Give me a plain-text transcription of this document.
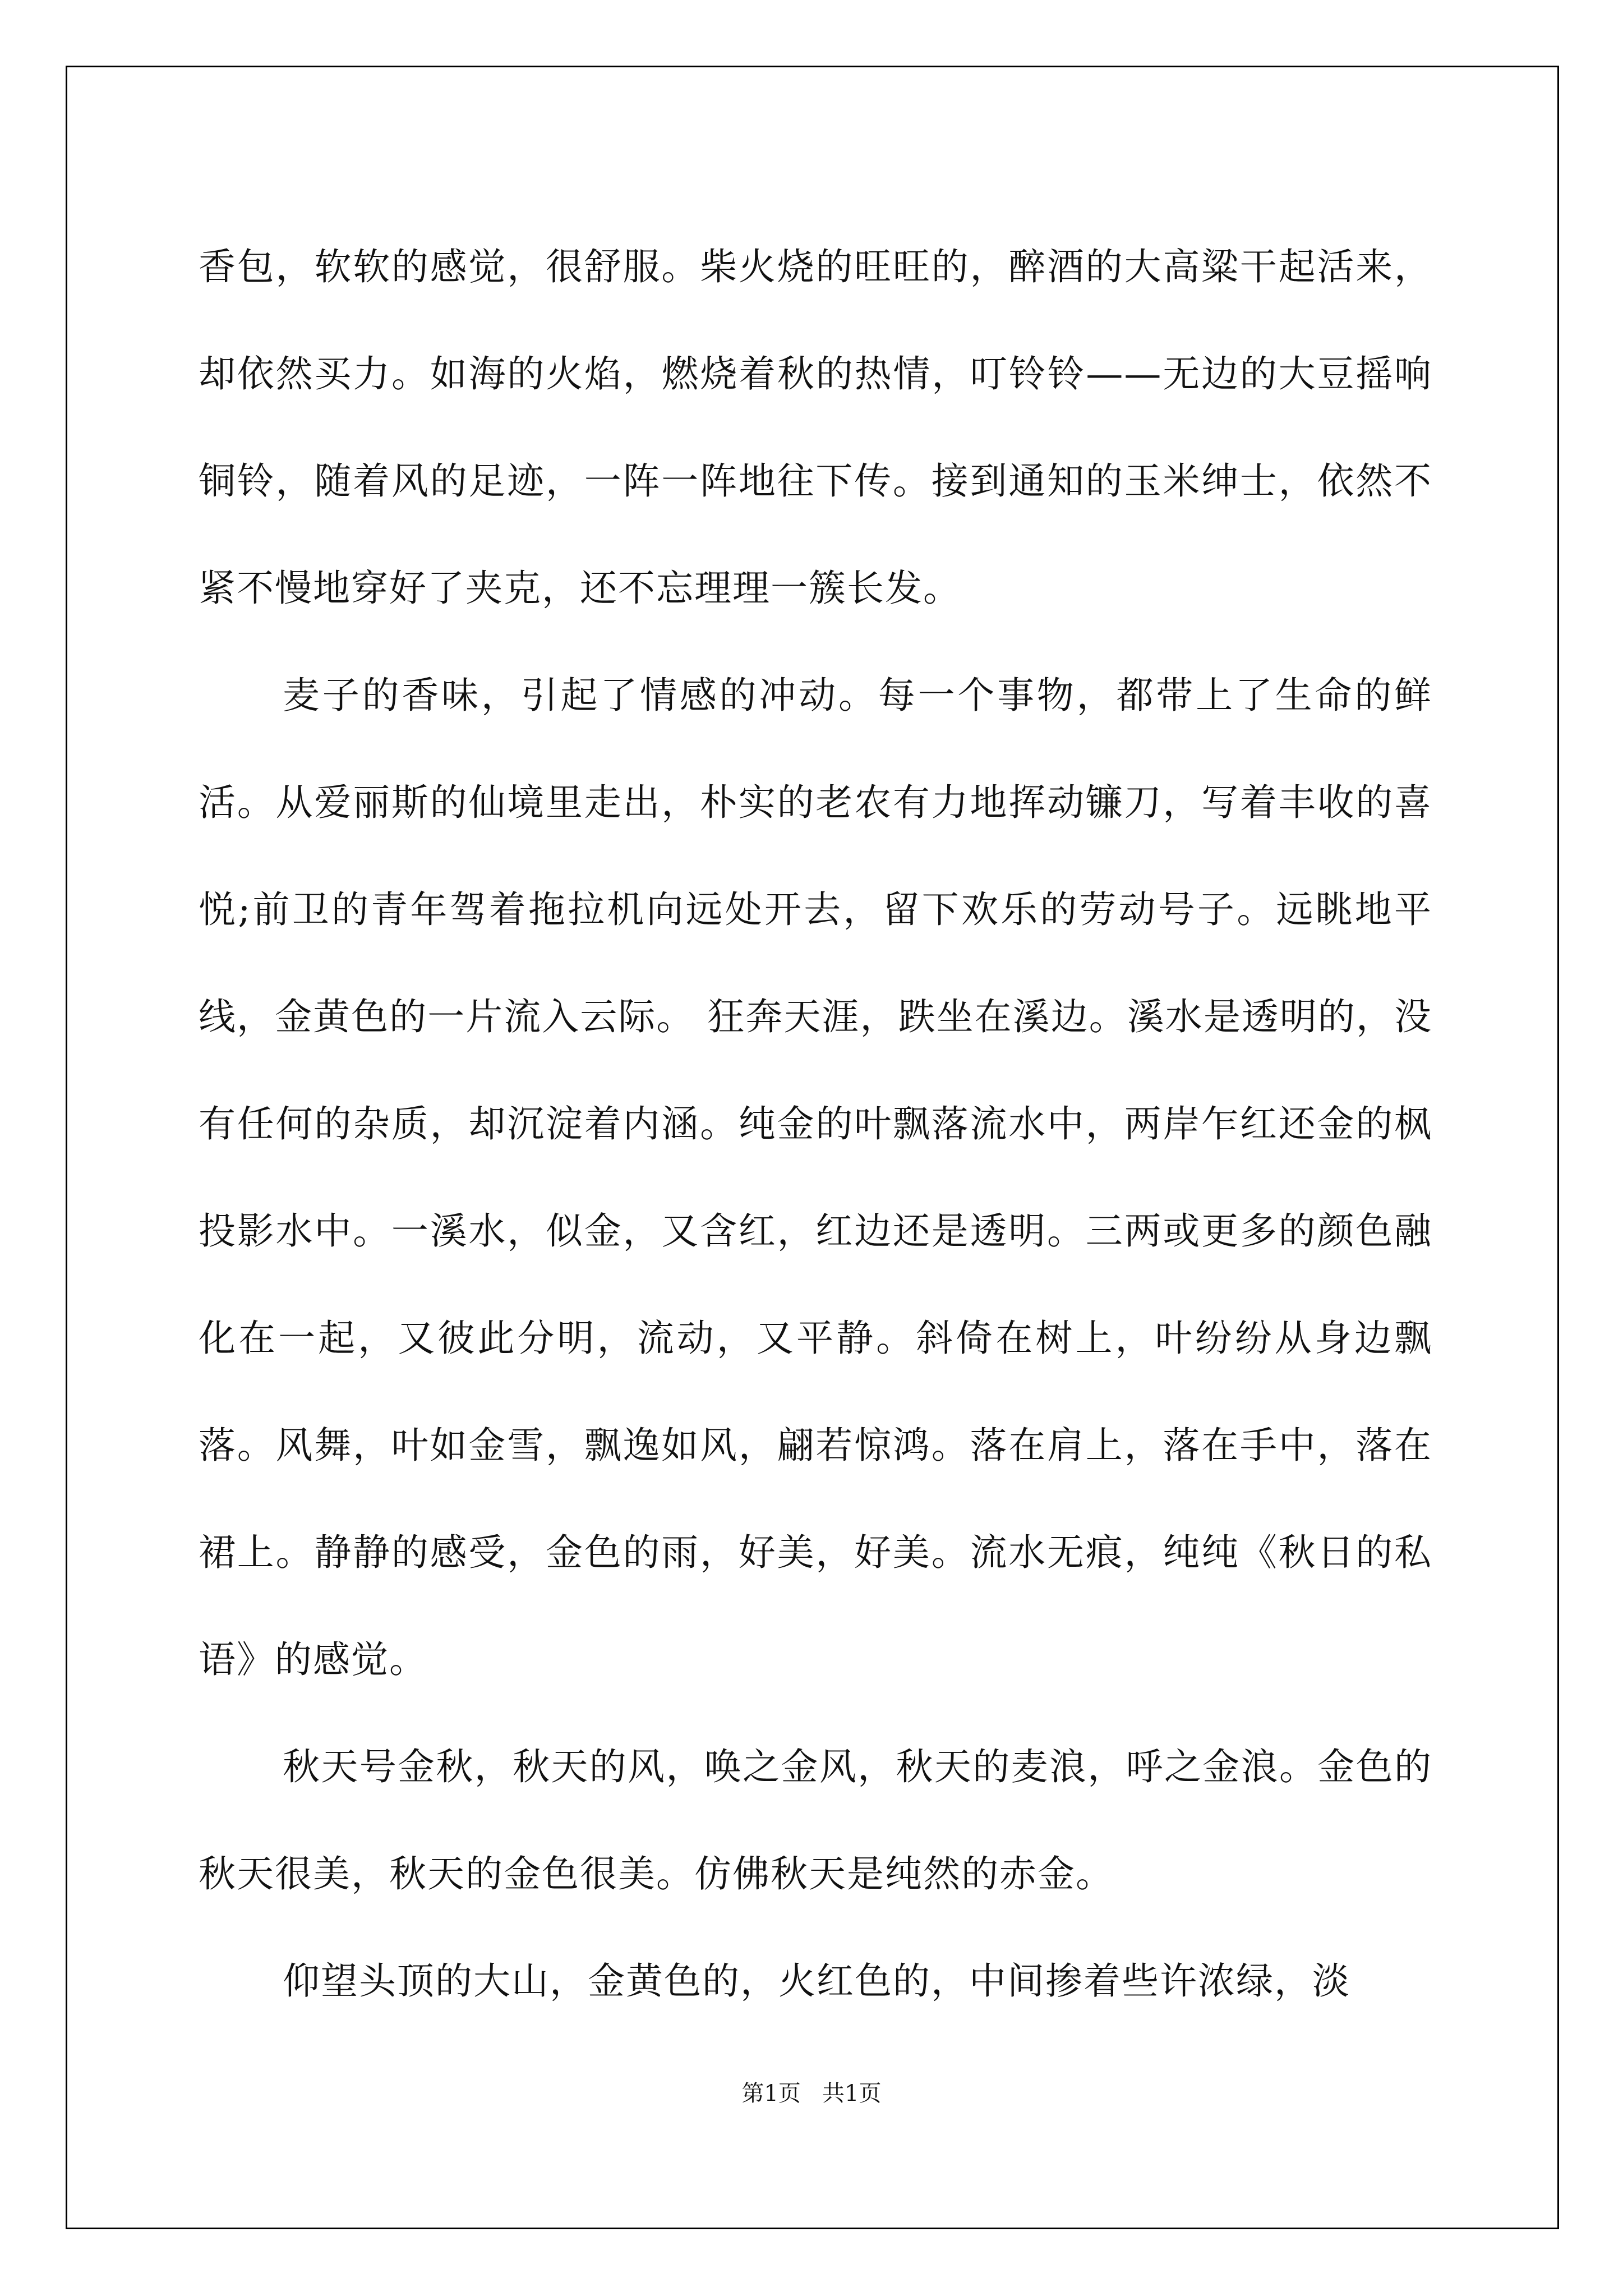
香包，软软的感觉，很舒服。柴火烧的旺旺的，醉酒的大高粱干起活来，却依然买力。如海的火焰，燃烧着秋的热情，叮铃铃——无边的大豆摇响铜铃，随着风的足迹，一阵一阵地往下传。接到通知的玉米绅士，依然不紧不慢地穿好了夹克，还不忘理理一簇长发。

麦子的香味，引起了情感的冲动。每一个事物，都带上了生命的鲜活。从爱丽斯的仙境里走出，朴实的老农有力地挥动镰刀，写着丰收的喜悦;前卫的青年驾着拖拉机向远处开去，留下欢乐的劳动号子。远眺地平线，金黄色的一片流入云际。 狂奔天涯，跌坐在溪边。溪水是透明的，没有任何的杂质，却沉淀着内涵。纯金的叶飘落流水中，两岸乍红还金的枫投影水中。一溪水，似金，又含红，红边还是透明。三两或更多的颜色融化在一起，又彼此分明，流动，又平静。斜倚在树上，叶纷纷从身边飘落。风舞，叶如金雪，飘逸如风，翩若惊鸿。落在肩上，落在手中，落在裙上。静静的感受，金色的雨，好美，好美。流水无痕，纯纯《秋日的私语》的感觉。

秋天号金秋，秋天的风，唤之金风，秋天的麦浪，呼之金浪。金色的秋天很美，秋天的金色很美。仿佛秋天是纯然的赤金。

仰望头顶的大山，金黄色的，火红色的，中间掺着些许浓绿，淡

第1页   共1页
